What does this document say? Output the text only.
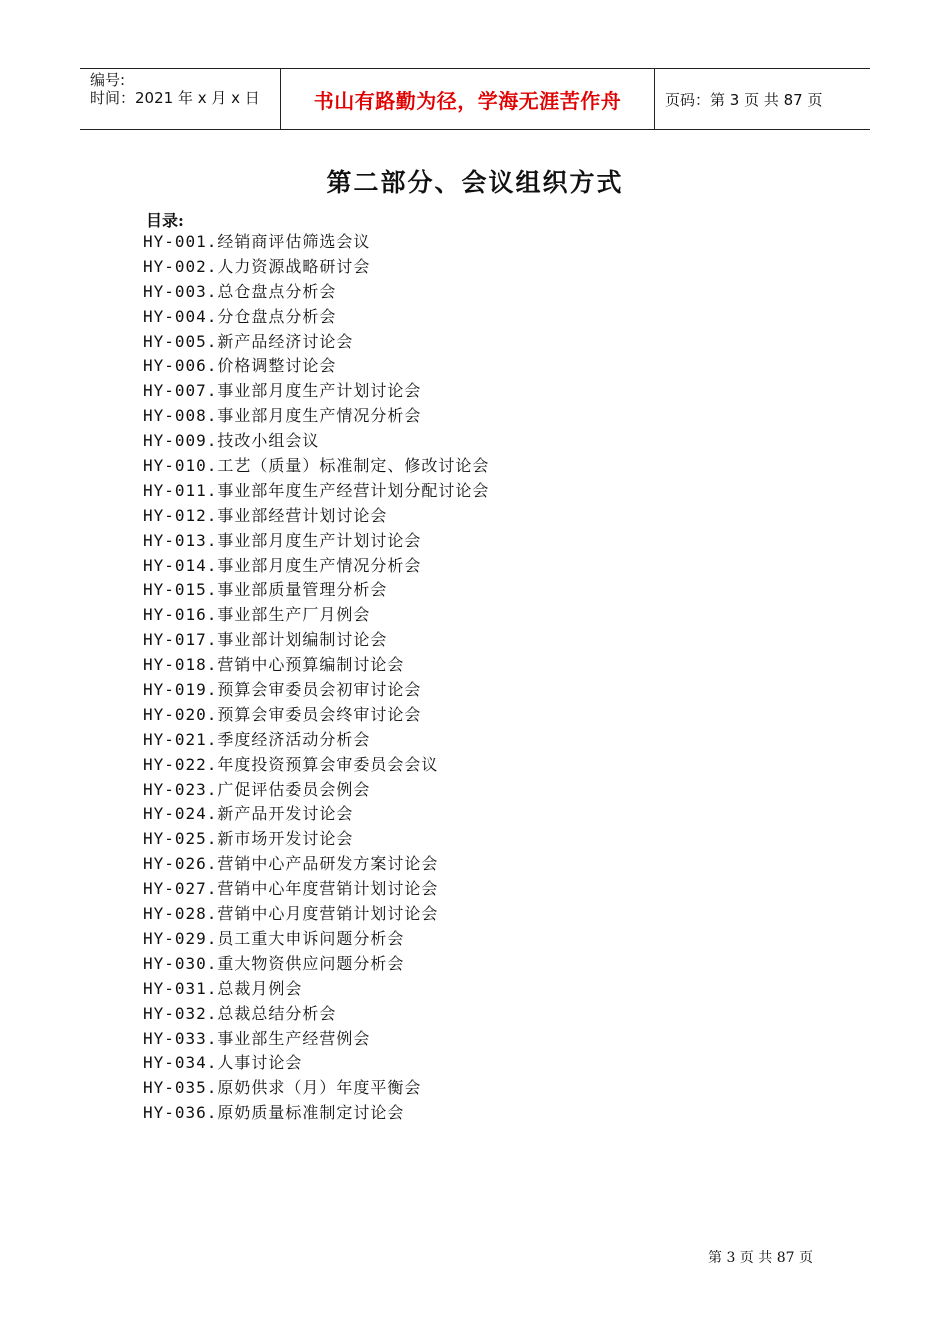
编号:
时间：2021 年 x 月 x 日	书山有路勤为径，学海无涯苦作舟	页码：第 3 页 共 87 页
第二部分、会议组织方式
目录:
HY-001.经销商评估筛选会议
HY-002.人力资源战略研讨会
HY-003.总仓盘点分析会
HY-004.分仓盘点分析会
HY-005.新产品经济讨论会
HY-006.价格调整讨论会
HY-007.事业部月度生产计划讨论会
HY-008.事业部月度生产情况分析会
HY-009.技改小组会议
HY-010.工艺（质量）标准制定、修改讨论会
HY-011.事业部年度生产经营计划分配讨论会
HY-012.事业部经营计划讨论会
HY-013.事业部月度生产计划讨论会
HY-014.事业部月度生产情况分析会
HY-015.事业部质量管理分析会
HY-016.事业部生产厂月例会
HY-017.事业部计划编制讨论会
HY-018.营销中心预算编制讨论会
HY-019.预算会审委员会初审讨论会
HY-020.预算会审委员会终审讨论会
HY-021.季度经济活动分析会
HY-022.年度投资预算会审委员会会议
HY-023.广促评估委员会例会
HY-024.新产品开发讨论会
HY-025.新市场开发讨论会
HY-026.营销中心产品研发方案讨论会
HY-027.营销中心年度营销计划讨论会
HY-028.营销中心月度营销计划讨论会
HY-029.员工重大申诉问题分析会
HY-030.重大物资供应问题分析会
HY-031.总裁月例会
HY-032.总裁总结分析会
HY-033.事业部生产经营例会
HY-034.人事讨论会
HY-035.原奶供求（月）年度平衡会
HY-036.原奶质量标准制定讨论会
第 3 页 共 87 页
